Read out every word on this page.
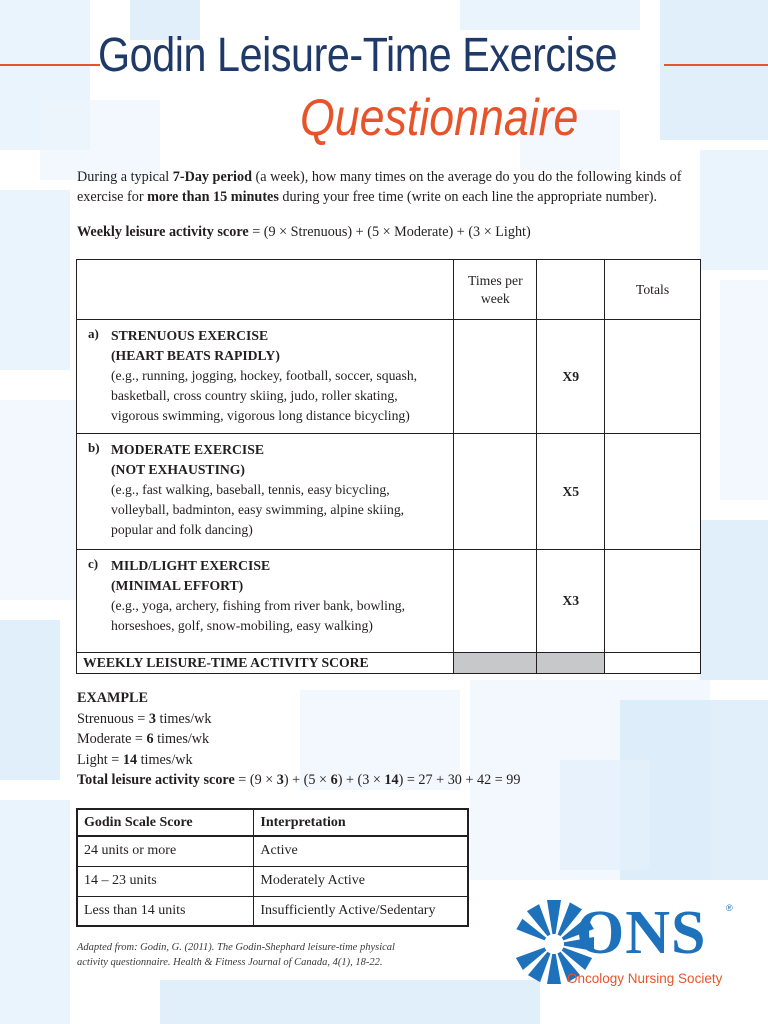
Godin Leisure-Time Exercise
Questionnaire

During a typical 7-Day period (a week), how many times on the average do you do the following kinds of exercise for more than 15 minutes during your free time (write on each line the appropriate number).

Weekly leisure activity score = (9 × Strenuous) + (5 × Moderate) + (3 × Light)

	Times per week		Totals

a) STRENUOUS EXERCISE
(HEART BEATS RAPIDLY)
(e.g., running, jogging, hockey, football, soccer, squash, basketball, cross country skiing, judo, roller skating, vigorous swimming, vigorous long distance bicycling)		X9	

b) MODERATE EXERCISE
(NOT EXHAUSTING)
(e.g., fast walking, baseball, tennis, easy bicycling, volleyball, badminton, easy swimming, alpine skiing, popular and folk dancing)		X5	

c) MILD/LIGHT EXERCISE
(MINIMAL EFFORT)
(e.g., yoga, archery, fishing from river bank, bowling, horseshoes, golf, snow-mobiling, easy walking)		X3	
WEEKLY LEISURE-TIME ACTIVITY SCORE			
EXAMPLE
Strenuous = 3 times/wk
Moderate = 6 times/wk
Light = 14 times/wk
Total leisure activity score = (9 × 3) + (5 × 6) + (3 × 14) = 27 + 30 + 42 = 99
Godin Scale Score	Interpretation
24 units or more	Active
14 – 23 units	Moderately Active
Less than 14 units	Insufficiently Active/Sedentary
Adapted from: Godin, G. (2011). The Godin-Shephard leisure-time physical
activity questionnaire. Health & Fitness Journal of Canada, 4(1), 18-22.	ONS ®
Oncology Nursing Society
